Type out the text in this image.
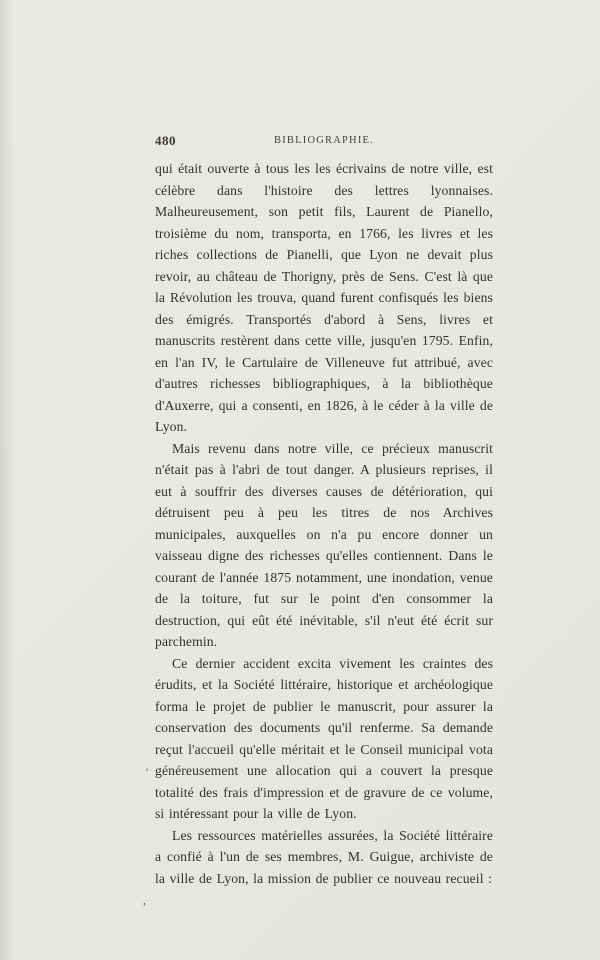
480	BIBLIOGRAPHIE.

qui était ouverte à tous les les écrivains de notre ville, est célèbre dans l'histoire des lettres lyonnaises. Malheureusement, son petit fils, Laurent de Pianello, troisième du nom, transporta, en 1766, les livres et les riches collections de Pianelli, que Lyon ne devait plus revoir, au château de Thorigny, près de Sens. C'est là que la Révolution les trouva, quand furent confisqués les biens des émigrés. Transportés d'abord à Sens, livres et manuscrits restèrent dans cette ville, jusqu'en 1795. Enfin, en l'an IV, le Cartulaire de Villeneuve fut attribué, avec d'autres richesses bibliographiques, à la bibliothèque d'Auxerre, qui a consenti, en 1826, à le céder à la ville de Lyon.

Mais revenu dans notre ville, ce précieux manuscrit n'était pas à l'abri de tout danger. A plusieurs reprises, il eut à souffrir des diverses causes de détérioration, qui détruisent peu à peu les titres de nos Archives municipales, auxquelles on n'a pu encore donner un vaisseau digne des richesses qu'elles contiennent. Dans le courant de l'année 1875 notamment, une inondation, venue de la toiture, fut sur le point d'en consommer la destruction, qui eût été inévitable, s'il n'eut été écrit sur parchemin.

Ce dernier accident excita vivement les craintes des érudits, et la Société littéraire, historique et archéologique forma le projet de publier le manuscrit, pour assurer la conservation des documents qu'il renferme. Sa demande reçut l'accueil qu'elle méritait et le Conseil municipal vota généreusement une allocation qui a couvert la presque totalité des frais d'impression et de gravure de ce volume, si intéressant pour la ville de Lyon.

Les ressources matérielles assurées, la Société littéraire a confié à l'un de ses membres, M. Guigue, archiviste de la ville de Lyon, la mission de publier ce nouveau recueil :

'
,
